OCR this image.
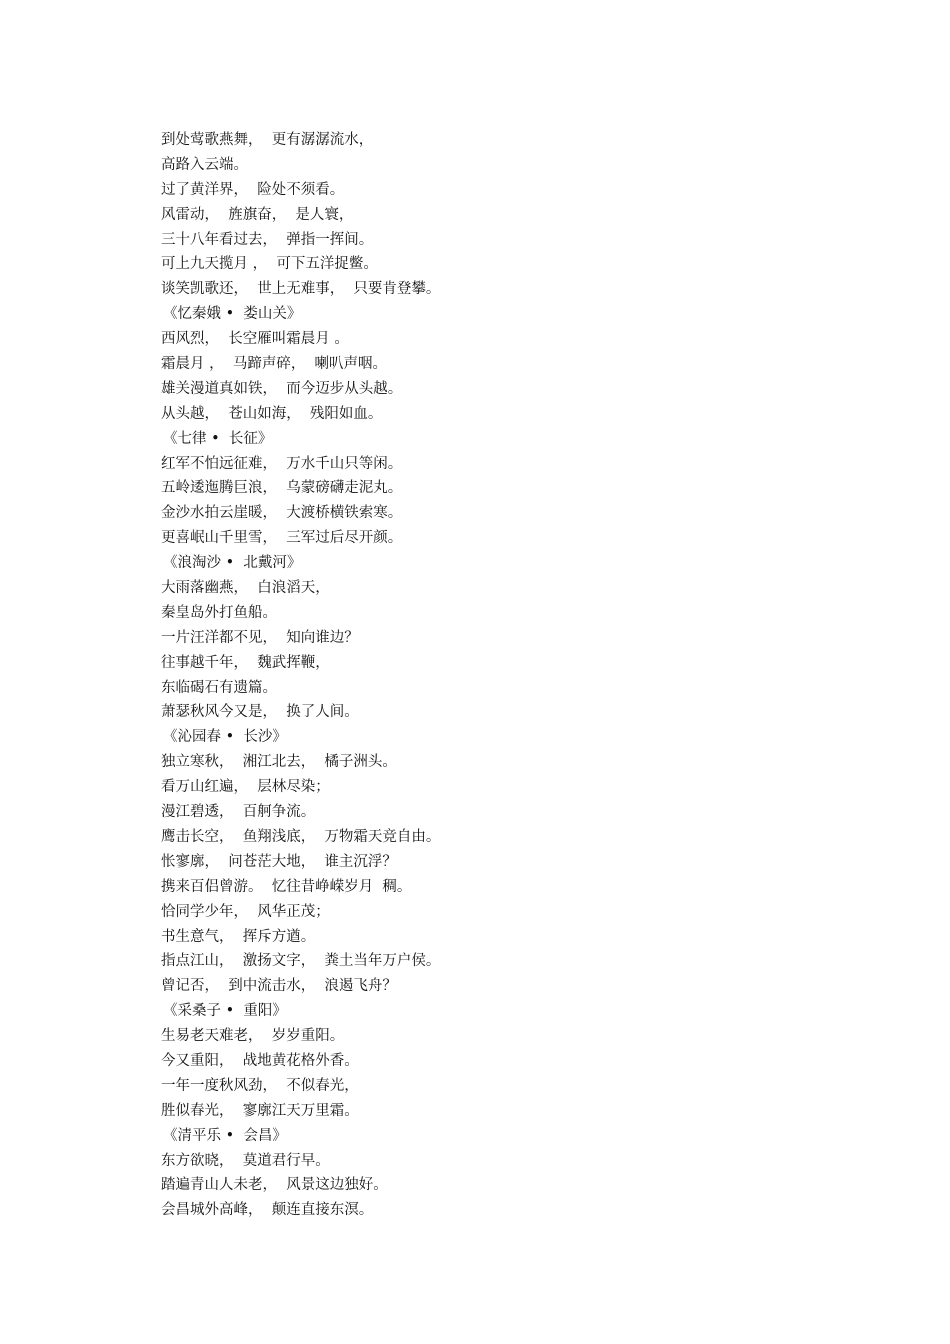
到处莺歌燕舞，  更有潺潺流水，
高路入云端。
过了黄洋界，  险处不须看。
风雷动，  旌旗奋，  是人寰，
三十八年看过去，  弹指一挥间。
可上九天揽月 ，  可下五洋捉鳖。
谈笑凯歌还，  世上无难事，  只要肯登攀。
《忆秦娥 •  娄山关》
西风烈，  长空雁叫霜晨月 。
霜晨月 ，  马蹄声碎，  喇叭声咽。
雄关漫道真如铁，  而今迈步从头越。
从头越，  苍山如海，  残阳如血。
《七律 •  长征》
红军不怕远征难，  万水千山只等闲。
五岭逶迤腾巨浪，  乌蒙磅礴走泥丸。
金沙水拍云崖暖，  大渡桥横铁索寒。
更喜岷山千里雪，  三军过后尽开颜。
《浪淘沙 •  北戴河》
大雨落幽燕，  白浪滔天，
秦皇岛外打鱼船。
一片汪洋都不见，  知向谁边？
往事越千年，  魏武挥鞭，
东临碣石有遗篇。
萧瑟秋风今又是，  换了人间。
《沁园春 •  长沙》
独立寒秋，  湘江北去，  橘子洲头。
看万山红遍，  层林尽染；
漫江碧透，  百舸争流。
鹰击长空，  鱼翔浅底，  万物霜天竞自由。
怅寥廓，  问苍茫大地，  谁主沉浮？
携来百侣曾游。  忆往昔峥嵘岁月  稠。
恰同学少年，  风华正茂；
书生意气，  挥斥方遒。
指点江山，  激扬文字，  粪土当年万户侯。
曾记否，  到中流击水，  浪遏飞舟？
《采桑子 •  重阳》
生易老天难老，  岁岁重阳。
今又重阳，  战地黄花格外香。
一年一度秋风劲，  不似春光，
胜似春光，  寥廓江天万里霜。
《清平乐 •  会昌》
东方欲晓，  莫道君行早。
踏遍青山人未老，  风景这边独好。
会昌城外高峰，  颠连直接东溟。
